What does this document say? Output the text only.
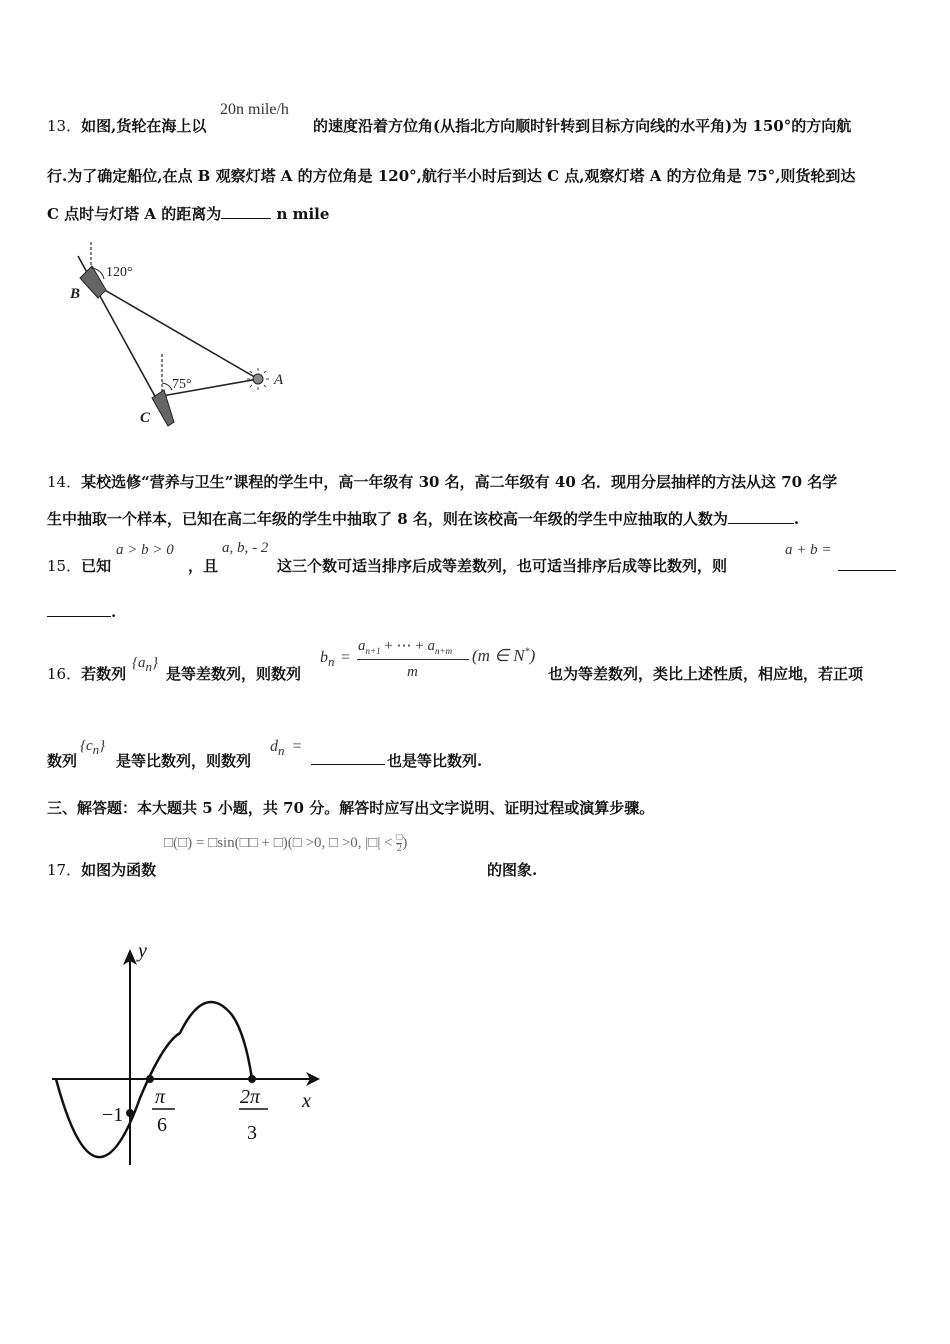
13．如图,货轮在海上以
20n mile/h
的速度沿着方位角(从指北方向顺时针转到目标方向线的水平角)为 150°的方向航
行.为了确定船位,在点 B 观察灯塔 A 的方位角是 120°,航行半小时后到达 C 点,观察灯塔 A 的方位角是 75°,则货轮到达
C 点时与灯塔 A 的距离为	n mile
B
C
A
120°
75°
14．某校选修“营养与卫生”课程的学生中，高一年级有 30 名，高二年级有 40 名．现用分层抽样的方法从这 70 名学
生中抽取一个样本，已知在高二年级的学生中抽取了 8 名，则在该校高一年级的学生中应抽取的人数为	.
15．已知
a > b > 0
，且
a, b, - 2
这三个数可适当排序后成等差数列，也可适当排序后成等比数列，则
a + b =
.
16．若数列
$\{a_n\}$
是等差数列，则数列
$b_n$ =
$a_{n+1}$ + ⋯ + $a_{n+m}$
m
(m ∈ N*)
也为等差数列，类比上述性质，相应地，若正项
数列
$\{c_n\}$
是等比数列，则数列
$d_n$ =
也是等比数列.
三、解答题：本大题共 5 小题，共 70 分。解答时应写出文字说明、证明过程或演算步骤。
17．如图为函数
□(□) = □sin(□□ + □)(□ >0, □ >0, |□| < □
2 )
的图象.
y
x
−1
π
6
2π
3
